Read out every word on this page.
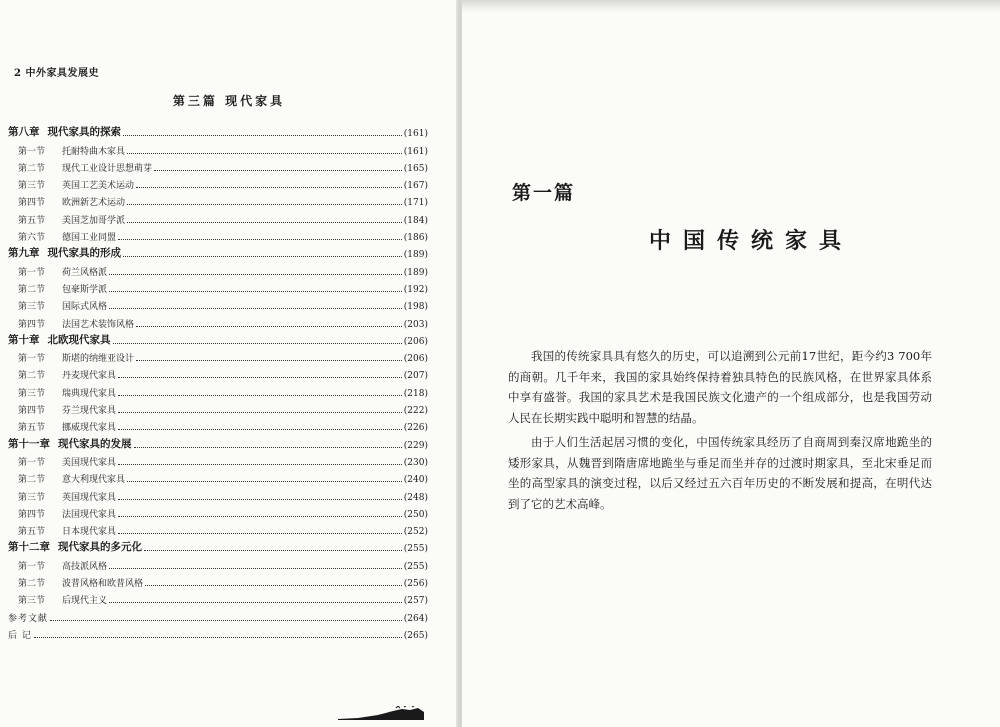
2 中外家具发展史
第三篇 现代家具
第八章 现代家具的探索	(161)
第一节	托耐特曲木家具	(161)
第二节	现代工业设计思想萌芽	(165)
第三节	英国工艺美术运动	(167)
第四节	欧洲新艺术运动	(171)
第五节	美国芝加哥学派	(184)
第六节	德国工业同盟	(186)
第九章 现代家具的形成	(189)
第一节	荷兰风格派	(189)
第二节	包豪斯学派	(192)
第三节	国际式风格	(198)
第四节	法国艺术装饰风格	(203)
第十章 北欧现代家具	(206)
第一节	斯堪的纳维亚设计	(206)
第二节	丹麦现代家具	(207)
第三节	瑞典现代家具	(218)
第四节	芬兰现代家具	(222)
第五节	挪威现代家具	(226)
第十一章 现代家具的发展	(229)
第一节	美国现代家具	(230)
第二节	意大利现代家具	(240)
第三节	英国现代家具	(248)
第四节	法国现代家具	(250)
第五节	日本现代家具	(252)
第十二章 现代家具的多元化	(255)
第一节	高技派风格	(255)
第二节	波普风格和欧普风格	(256)
第三节	后现代主义	(257)
参考文献	(264)
后 记	(265)
第一篇
中国传统家具

我国的传统家具具有悠久的历史，可以追溯到公元前17世纪，距今约3 700年的商朝。几千年来，我国的家具始终保持着独具特色的民族风格，在世界家具体系中享有盛誉。我国的家具艺术是我国民族文化遗产的一个组成部分，也是我国劳动人民在长期实践中聪明和智慧的结晶。

由于人们生活起居习惯的变化，中国传统家具经历了自商周到秦汉席地跪坐的矮形家具，从魏晋到隋唐席地跪坐与垂足而坐并存的过渡时期家具，至北宋垂足而坐的高型家具的演变过程，以后又经过五六百年历史的不断发展和提高，在明代达到了它的艺术高峰。
